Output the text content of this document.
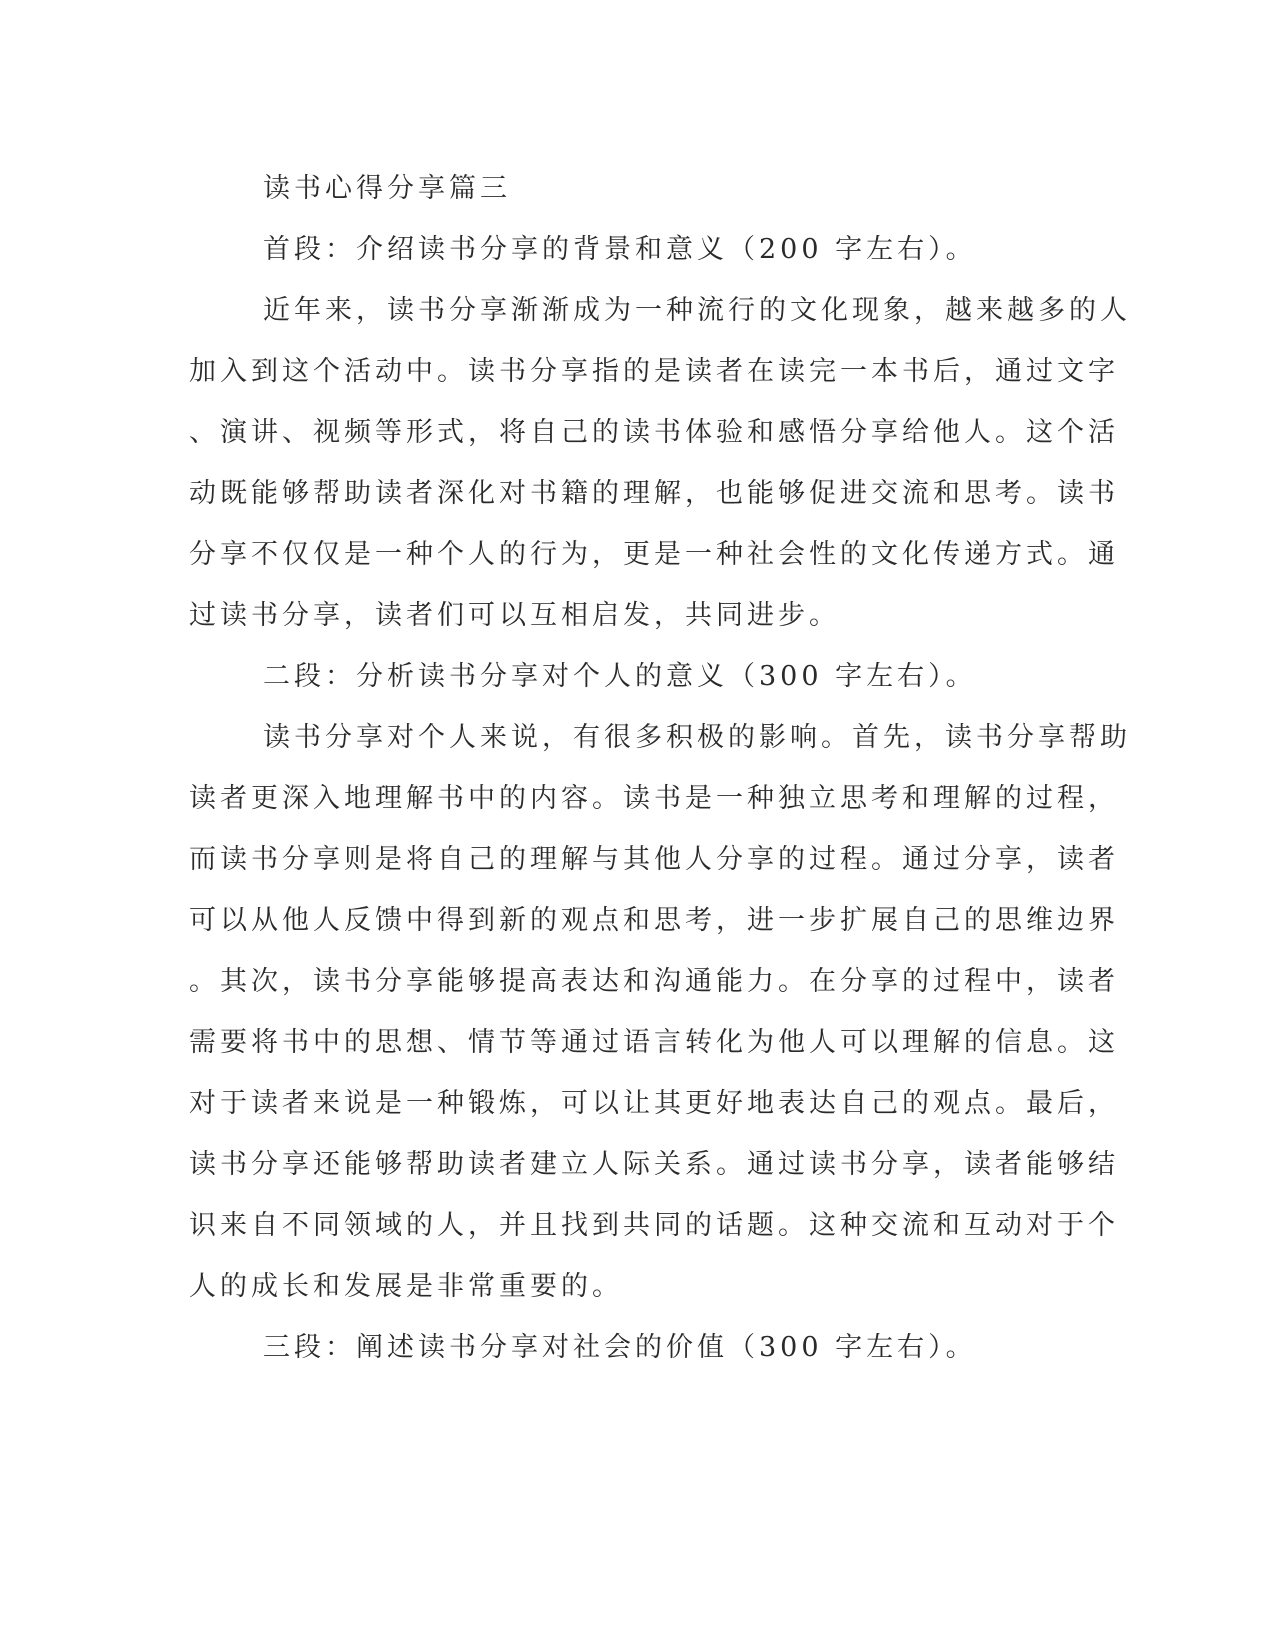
读书心得分享篇三
首段：介绍读书分享的背景和意义（200 字左右）。
近年来，读书分享渐渐成为一种流行的文化现象，越来越多的人
加入到这个活动中。读书分享指的是读者在读完一本书后，通过文字
、演讲、视频等形式，将自己的读书体验和感悟分享给他人。这个活
动既能够帮助读者深化对书籍的理解，也能够促进交流和思考。读书
分享不仅仅是一种个人的行为，更是一种社会性的文化传递方式。通
过读书分享，读者们可以互相启发，共同进步。
二段：分析读书分享对个人的意义（300 字左右）。
读书分享对个人来说，有很多积极的影响。首先，读书分享帮助
读者更深入地理解书中的内容。读书是一种独立思考和理解的过程，
而读书分享则是将自己的理解与其他人分享的过程。通过分享，读者
可以从他人反馈中得到新的观点和思考，进一步扩展自己的思维边界
。其次，读书分享能够提高表达和沟通能力。在分享的过程中，读者
需要将书中的思想、情节等通过语言转化为他人可以理解的信息。这
对于读者来说是一种锻炼，可以让其更好地表达自己的观点。最后，
读书分享还能够帮助读者建立人际关系。通过读书分享，读者能够结
识来自不同领域的人，并且找到共同的话题。这种交流和互动对于个
人的成长和发展是非常重要的。
三段：阐述读书分享对社会的价值（300 字左右）。
